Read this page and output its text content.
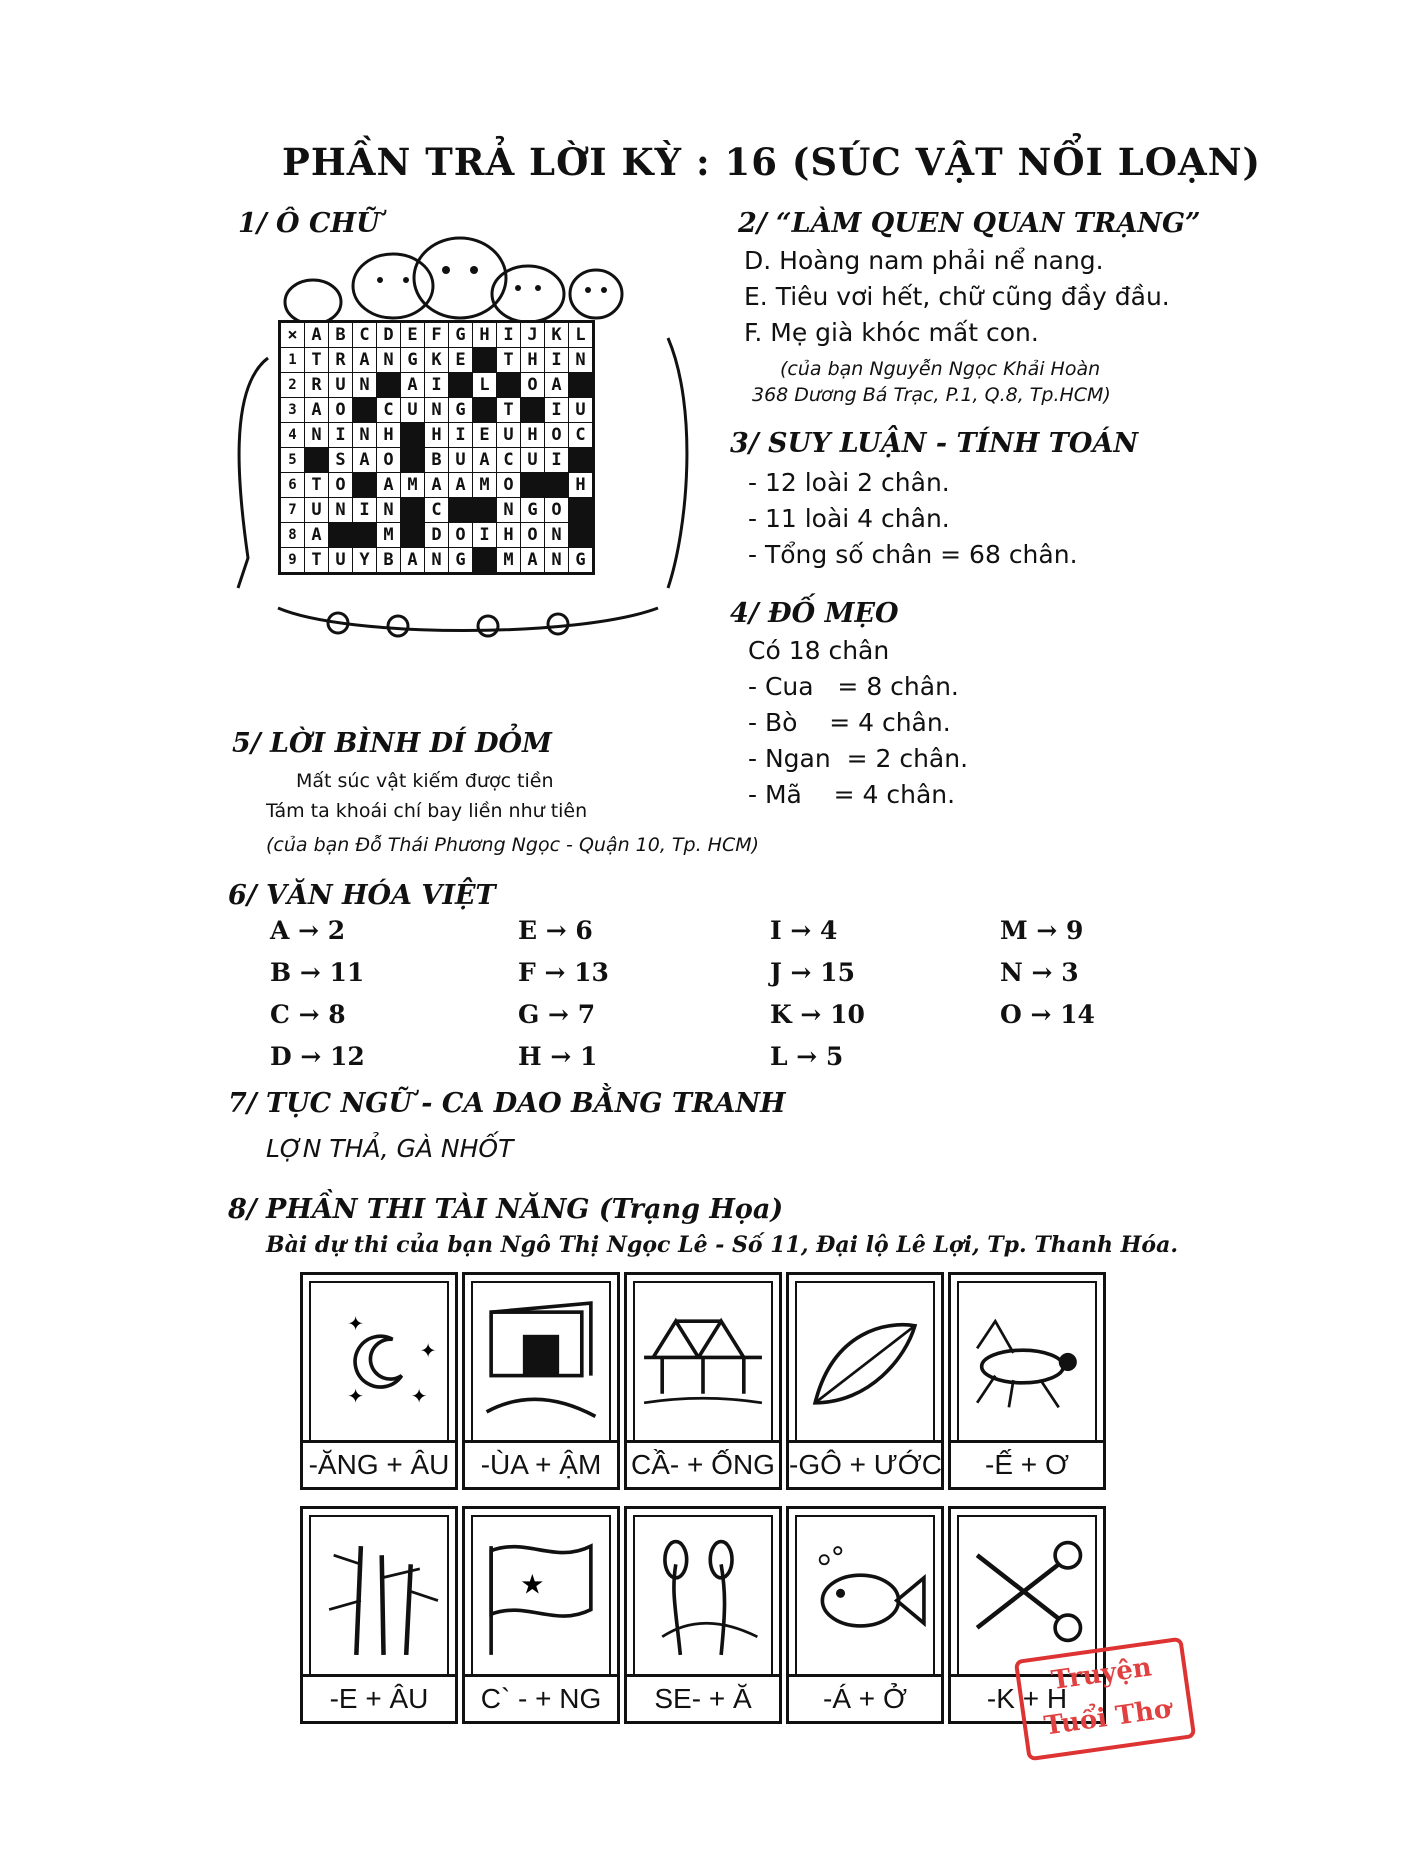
PHẦN TRẢ LỜI KỲ : 16 (SÚC VẬT NỔI LOẠN)
1/ Ô CHỮ
×	A	B	C	D	E	F	G	H	I	J	K	L
1	T	R	A	N	G	K	E		T	H	I	N
2	R	U	N		A	I		L		O	A	
3	A	O		C	U	N	G		T		I	U
4	N	I	N	H		H	I	E	U	H	O	C
5		S	A	O		B	U	A	C	U	I	
6	T	O		A	M	A	A	M	O			H
7	U	N	I	N		C			N	G	O	
8	A			M		D	O	I	H	O	N	
9	T	U	Y	B	A	N	G		M	A	N	G
2/ “LÀM QUEN QUAN TRẠNG”
D. Hoàng nam phải nể nang.
E. Tiêu vơi hết, chữ cũng đầy đầu.
F. Mẹ già khóc mất con.
(của bạn Nguyễn Ngọc Khải Hoàn
368 Dương Bá Trạc, P.1, Q.8, Tp.HCM)
3/ SUY LUẬN - TÍNH TOÁN
- 12 loài 2 chân.
- 11 loài 4 chân.
- Tổng số chân = 68 chân.
4/ ĐỐ MẸO
Có 18 chân
- Cua   = 8 chân.
- Bò    = 4 chân.
- Ngan  = 2 chân.
- Mã    = 4 chân.
5/ LỜI BÌNH DÍ DỎM
Mất súc vật kiếm được tiền
Tám ta khoái chí bay liền như tiên
(của bạn Đỗ Thái Phương Ngọc - Quận 10, Tp. HCM)
6/ VĂN HÓA VIỆT
A → 2	E → 6	I → 4	M → 9
B → 11	F → 13	J → 15	N → 3
C → 8	G → 7	K → 10	O → 14
D → 12	H → 1	L → 5
7/ TỤC NGỮ - CA DAO BẰNG TRANH
LỢN THẢ, GÀ NHỐT
8/ PHẦN THI TÀI NĂNG (Trạng Họa)
Bài dự thi của bạn Ngô Thị Ngọc Lê - Số 11, Đại lộ Lê Lợi, Tp. Thanh Hóa.
✦
✦
✦ ✦
-ĂNG + ÂU	-ÙA + ẬM	CẦ- + ỐNG -GÔ + ƯỚC	-Ế + Ơ
-E + ÂU
★
C` - + NG	SE- + Ă	-Á + Ở	-K + H
Truyện
Tuổi Thơ
